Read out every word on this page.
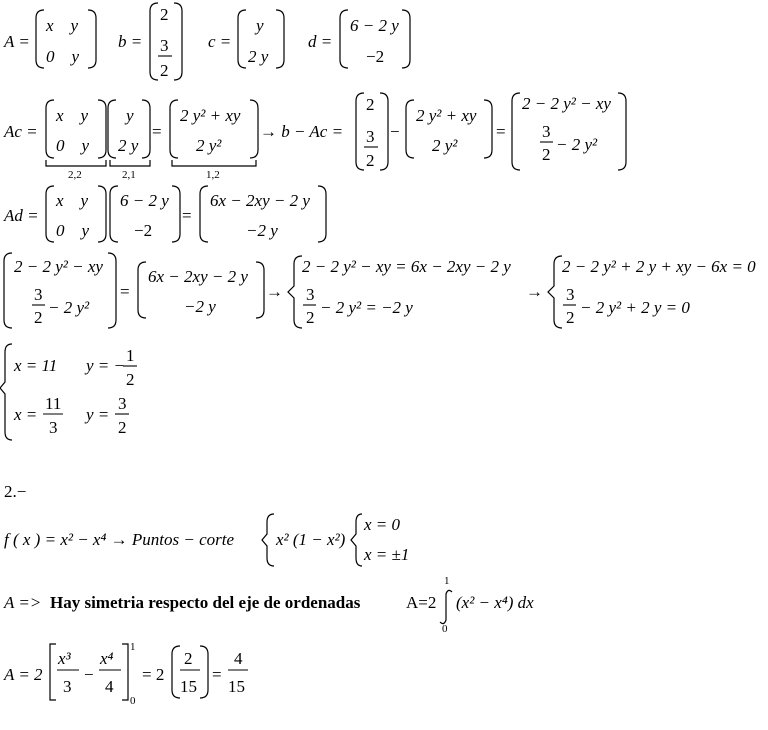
A =
x    y
0    y
b =
2
3
2
c =
y
2 y
d =
6 − 2 y
−2
Ac =
x    y
0    y
y
2 y
=
2 y² + xy
2 y²
2,2	2,1	1,2
→ b − Ac =
2
3
2
−
2 y² + xy
2 y²
=
2 − 2 y² − xy
3
2
− 2 y²
Ad =
x    y
0    y
6 − 2 y
−2
=
6x − 2xy − 2 y
−2 y
2 − 2 y² − xy
3
2
− 2 y²
=
6x − 2xy − 2 y
−2 y
→
2 − 2 y² − xy = 6x − 2xy − 2 y
3
2
− 2 y² = −2 y
→
2 − 2 y² + 2 y + xy − 6x = 0
3
2
− 2 y² + 2 y = 0
x = 11 y = −
1
2
x =
11
3
y =
3
2
2.−
f ( x ) = x² − x⁴ → Puntos − corte x² (1 − x²)
x = 0
x = ±1
A => Hay simetria respecto del eje de ordenadas	A=2
1
0
(x² − x⁴) dx
A = 2
x³
3
−
x⁴
4
1
0
= 2
2
15
=
4
15
